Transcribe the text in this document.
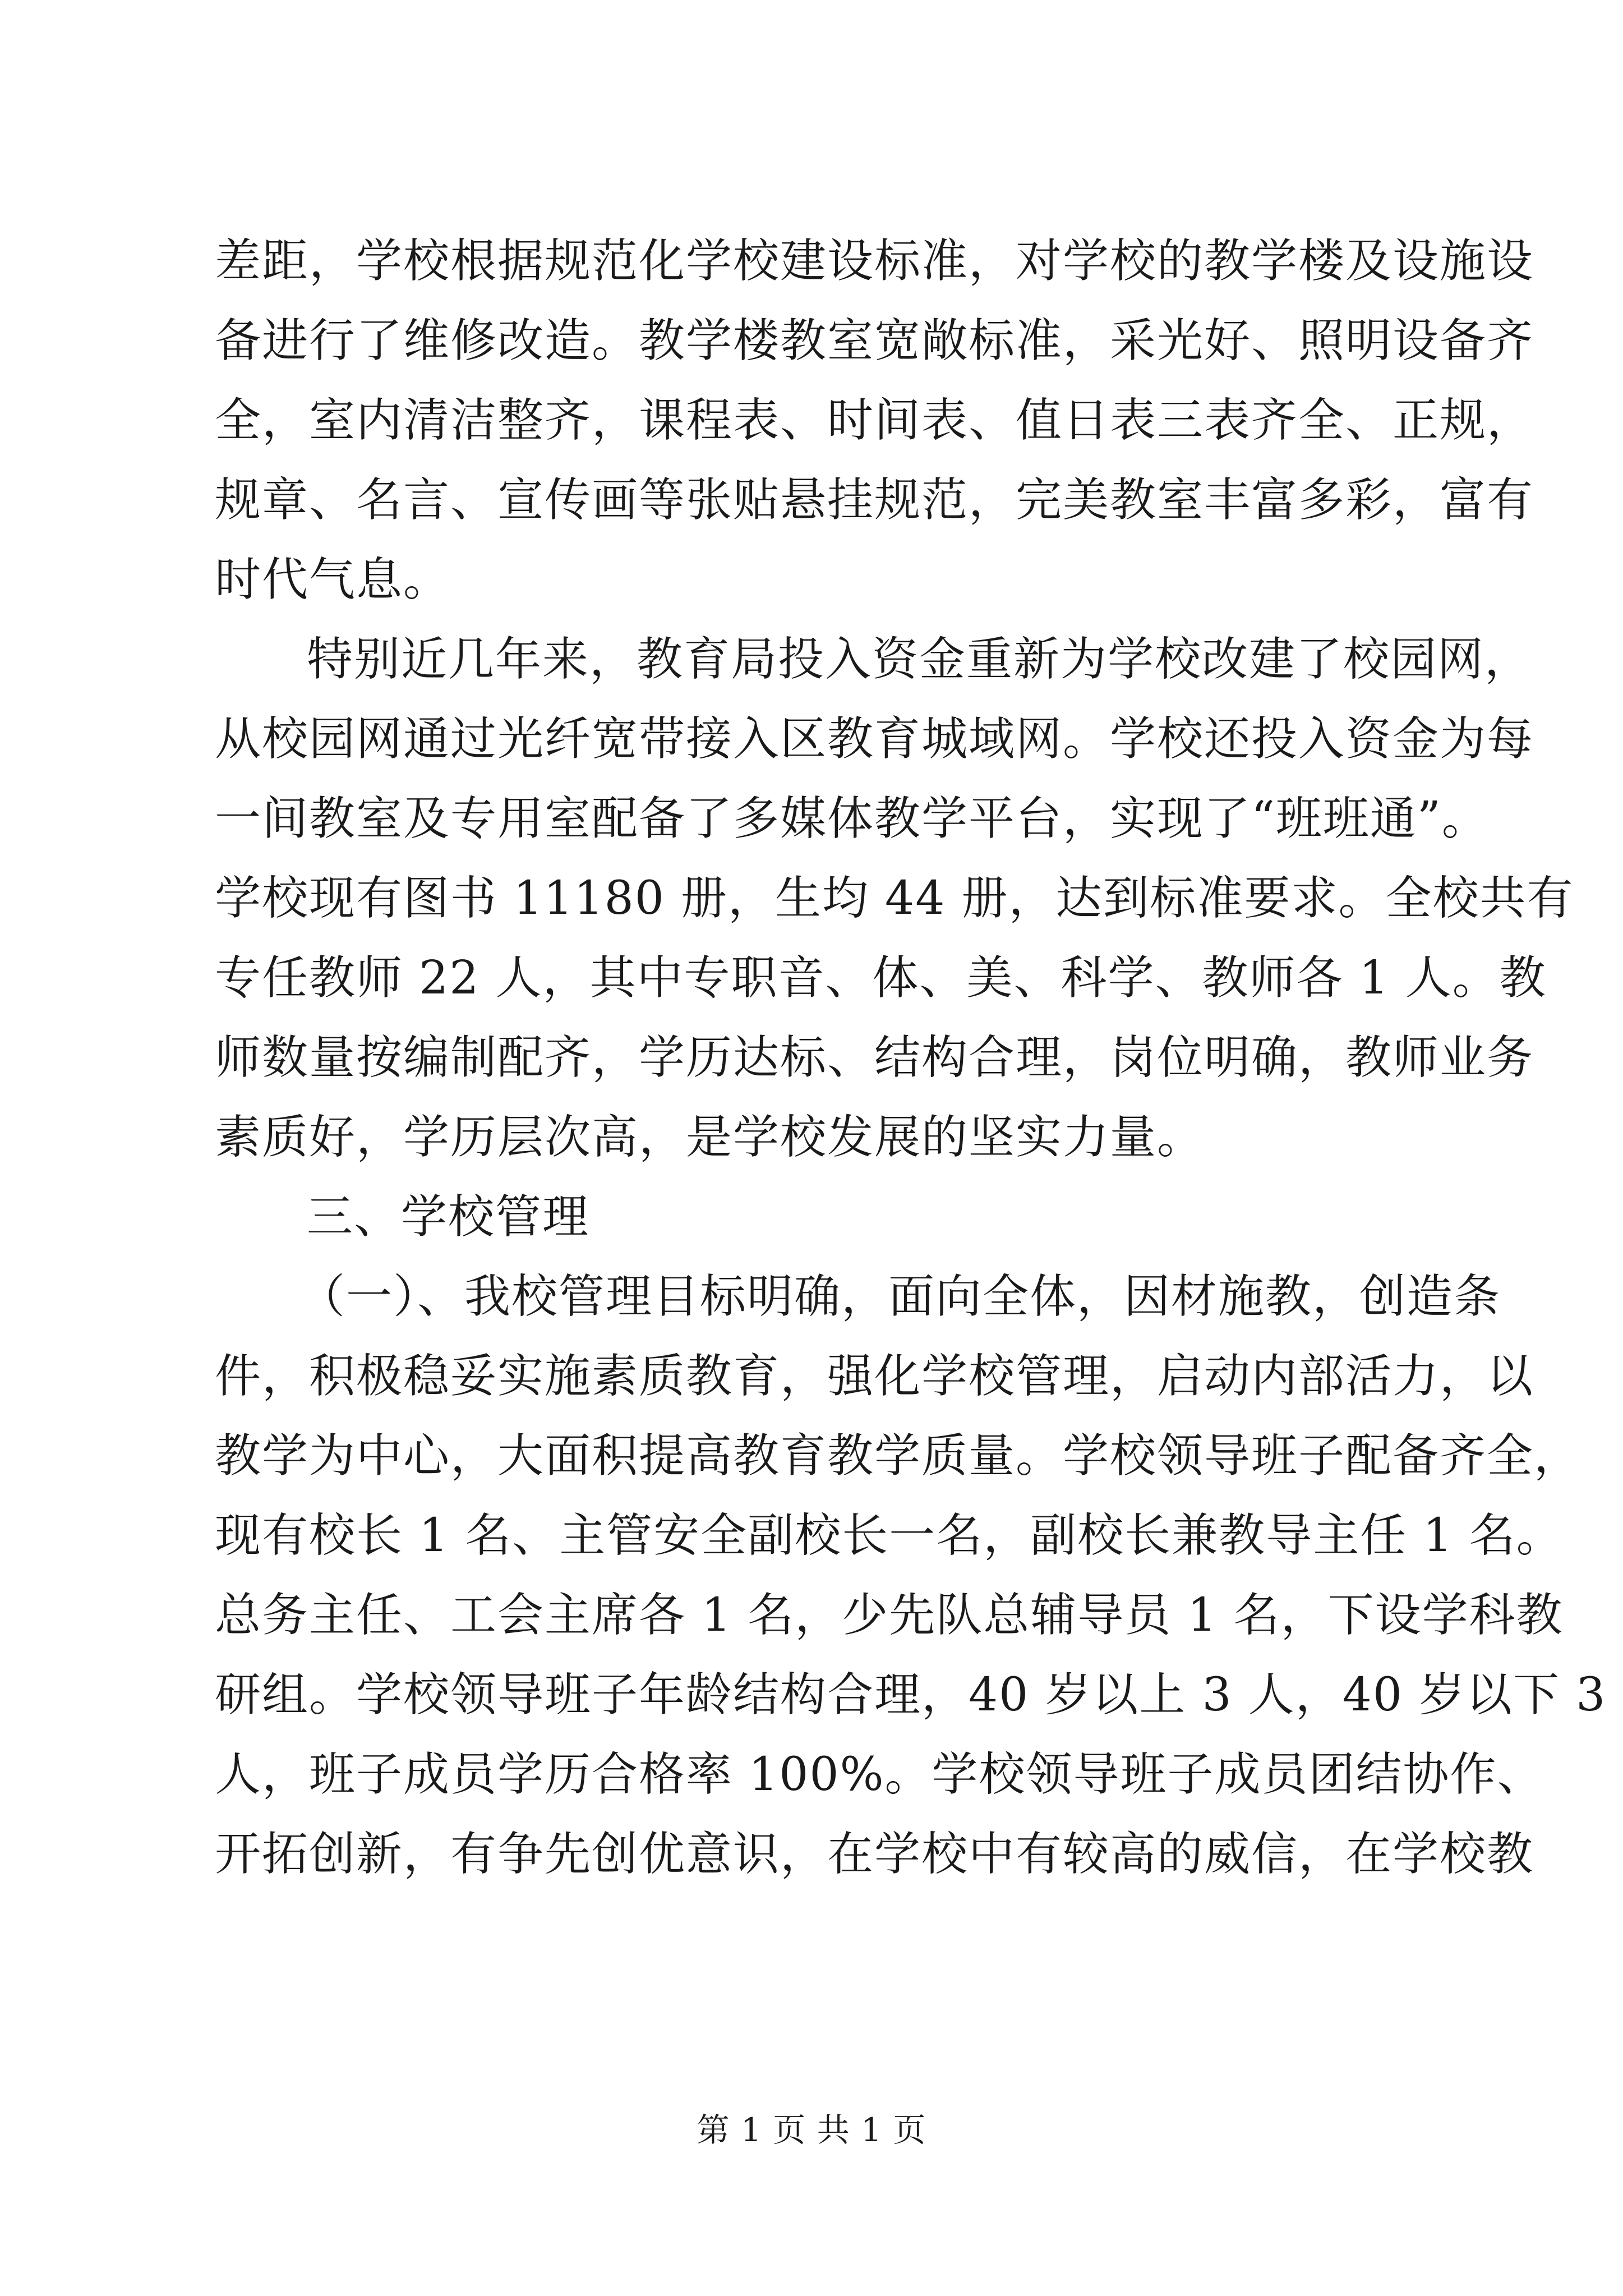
差距，学校根据规范化学校建设标准，对学校的教学楼及设施设
备进行了维修改造。教学楼教室宽敞标准，采光好、照明设备齐
全，室内清洁整齐，课程表、时间表、值日表三表齐全、正规，
规章、名言、宣传画等张贴悬挂规范，完美教室丰富多彩，富有
时代气息。
特别近几年来，教育局投入资金重新为学校改建了校园网，
从校园网通过光纤宽带接入区教育城域网。学校还投入资金为每
一间教室及专用室配备了多媒体教学平台，实现了“班班通”。
学校现有图书 11180 册，生均 44 册，达到标准要求。全校共有
专任教师 22 人，其中专职音、体、美、科学、教师各 1 人。教
师数量按编制配齐，学历达标、结构合理，岗位明确，教师业务
素质好，学历层次高，是学校发展的坚实力量。
三、学校管理
（一）、我校管理目标明确，面向全体，因材施教，创造条
件，积极稳妥实施素质教育，强化学校管理，启动内部活力，以
教学为中心，大面积提高教育教学质量。学校领导班子配备齐全，
现有校长 1 名、主管安全副校长一名，副校长兼教导主任 1 名。
总务主任、工会主席各 1 名，少先队总辅导员 1 名，下设学科教
研组。学校领导班子年龄结构合理，40 岁以上 3 人，40 岁以下 3
人，班子成员学历合格率 100%。学校领导班子成员团结协作、
开拓创新，有争先创优意识，在学校中有较高的威信，在学校教
第 1 页 共 1 页
